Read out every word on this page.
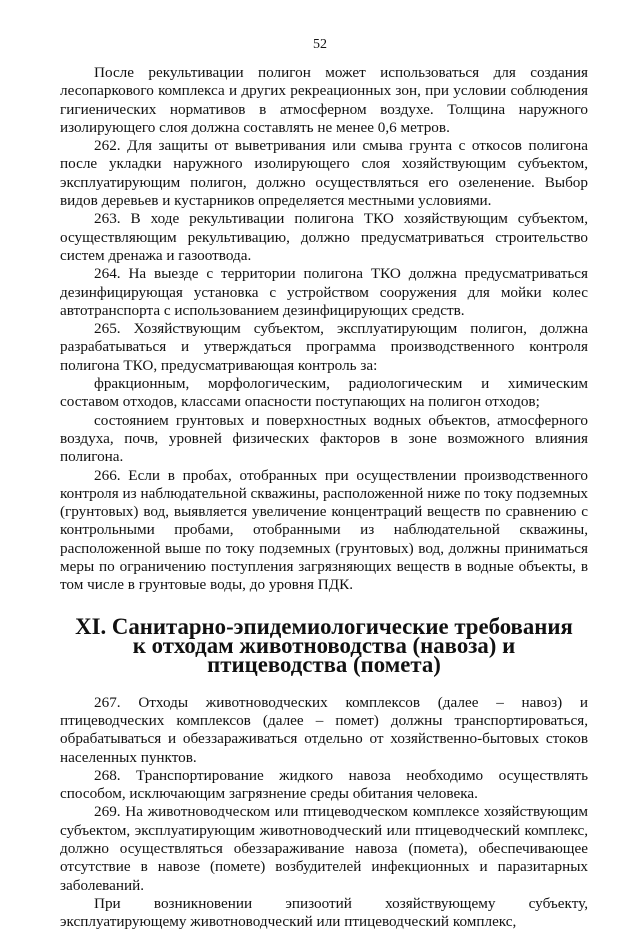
52

После рекультивации полигон может использоваться для создания лесопаркового комплекса и других рекреационных зон, при условии соблюдения гигиенических нормативов в атмосферном воздухе. Толщина наружного изолирующего слоя должна составлять не менее 0,6 метров.

262. Для защиты от выветривания или смыва грунта с откосов полигона после укладки наружного изолирующего слоя хозяйствующим субъектом, эксплуатирующим полигон, должно осуществляться его озеленение. Выбор видов деревьев и кустарников определяется местными условиями.

263. В ходе рекультивации полигона ТКО хозяйствующим субъектом, осуществляющим рекультивацию, должно предусматриваться строительство систем дренажа и газоотвода.

264. На выезде с территории полигона ТКО должна предусматриваться дезинфицирующая установка с устройством сооружения для мойки колес автотранспорта с использованием дезинфицирующих средств.

265. Хозяйствующим субъектом, эксплуатирующим полигон, должна разрабатываться и утверждаться программа производственного контроля полигона ТКО, предусматривающая контроль за:

фракционным, морфологическим, радиологическим и химическим составом отходов, классами опасности поступающих на полигон отходов;

состоянием грунтовых и поверхностных водных объектов, атмосферного воздуха, почв, уровней физических факторов в зоне возможного влияния полигона.

266. Если в пробах, отобранных при осуществлении производственного контроля из наблюдательной скважины, расположенной ниже по току подземных (грунтовых) вод, выявляется увеличение концентраций веществ по сравнению с контрольными пробами, отобранными из наблюдательной скважины, расположенной выше по току подземных (грунтовых) вод, должны приниматься меры по ограничению поступления загрязняющих веществ в водные объекты, в том числе в грунтовые воды, до уровня ПДК.

XI. Санитарно-эпидемиологические требования
к отходам животноводства (навоза) и птицеводства (помета)

267. Отходы животноводческих комплексов (далее – навоз) и птицеводческих комплексов (далее – помет) должны транспортироваться, обрабатываться и обеззараживаться отдельно от хозяйственно-бытовых стоков населенных пунктов.

268. Транспортирование жидкого навоза необходимо осуществлять способом, исключающим загрязнение среды обитания человека.

269. На животноводческом или птицеводческом комплексе хозяйствующим субъектом, эксплуатирующим животноводческий или птицеводческий комплекс, должно осуществляться обеззараживание навоза (помета), обеспечивающее отсутствие в навозе (помете) возбудителей инфекционных и паразитарных заболеваний.

При возникновении эпизоотий хозяйствующему субъекту, эксплуатирующему животноводческий или птицеводческий комплекс,
